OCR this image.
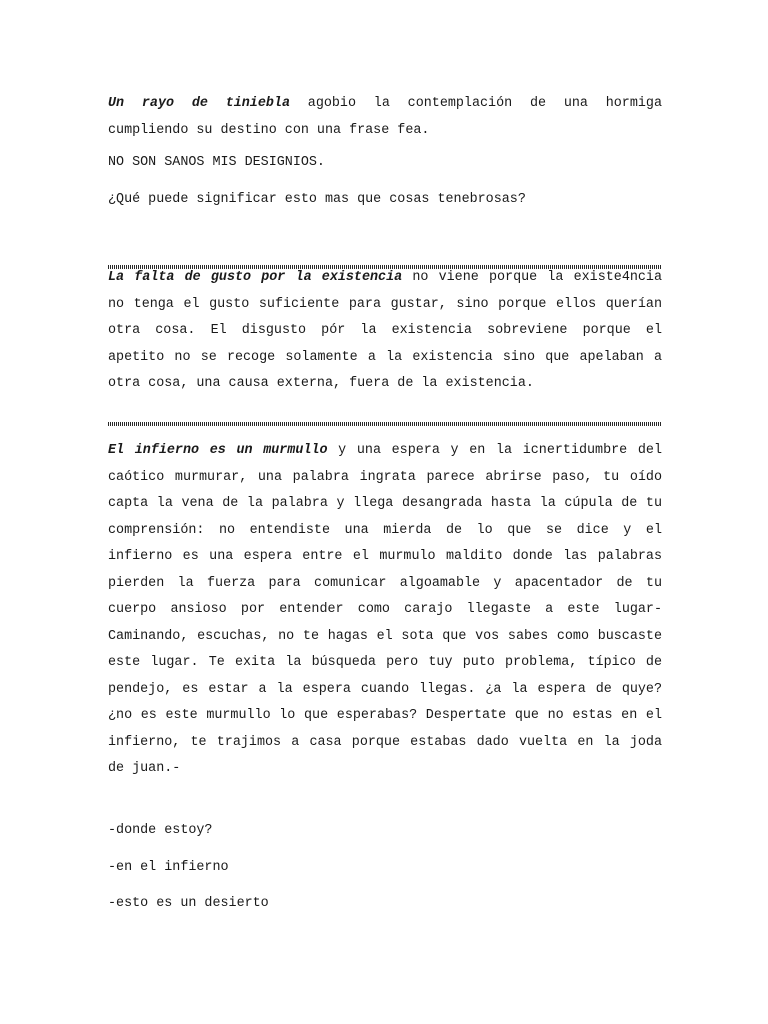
Un rayo de tiniebla agobio la contemplación de una hormiga cumpliendo su destino con una frase fea.

NO SON SANOS MIS DESIGNIOS.

¿Qué puede significar esto mas que cosas tenebrosas?

La falta de gusto por la existencia no viene porque la existe4ncia no tenga el gusto suficiente para gustar, sino porque ellos querían otra cosa. El disgusto pór la existencia sobreviene porque el apetito no se recoge solamente a la existencia sino que apelaban a otra cosa, una causa externa, fuera de la existencia.

El infierno es un murmullo y una espera y en la icnertidumbre del caótico murmurar, una palabra ingrata parece abrirse paso, tu oído capta la vena de la palabra y llega desangrada hasta la cúpula de tu comprensión: no entendiste una mierda de lo que se dice y el infierno es una espera entre el murmulo maldito donde las palabras pierden la fuerza para comunicar algoamable y apacentador de tu cuerpo ansioso por entender como carajo llegaste a este lugar- Caminando, escuchas, no te hagas el sota que vos sabes como buscaste este lugar. Te exita la búsqueda pero tuy puto problema, típico de pendejo, es estar a la espera cuando llegas. ¿a la espera de quye? ¿no es este murmullo lo que esperabas? Despertate que no estas en el infierno, te trajimos a casa porque estabas dado vuelta en la joda de juan.-

-donde estoy?

-en el infierno

-esto es un desierto
